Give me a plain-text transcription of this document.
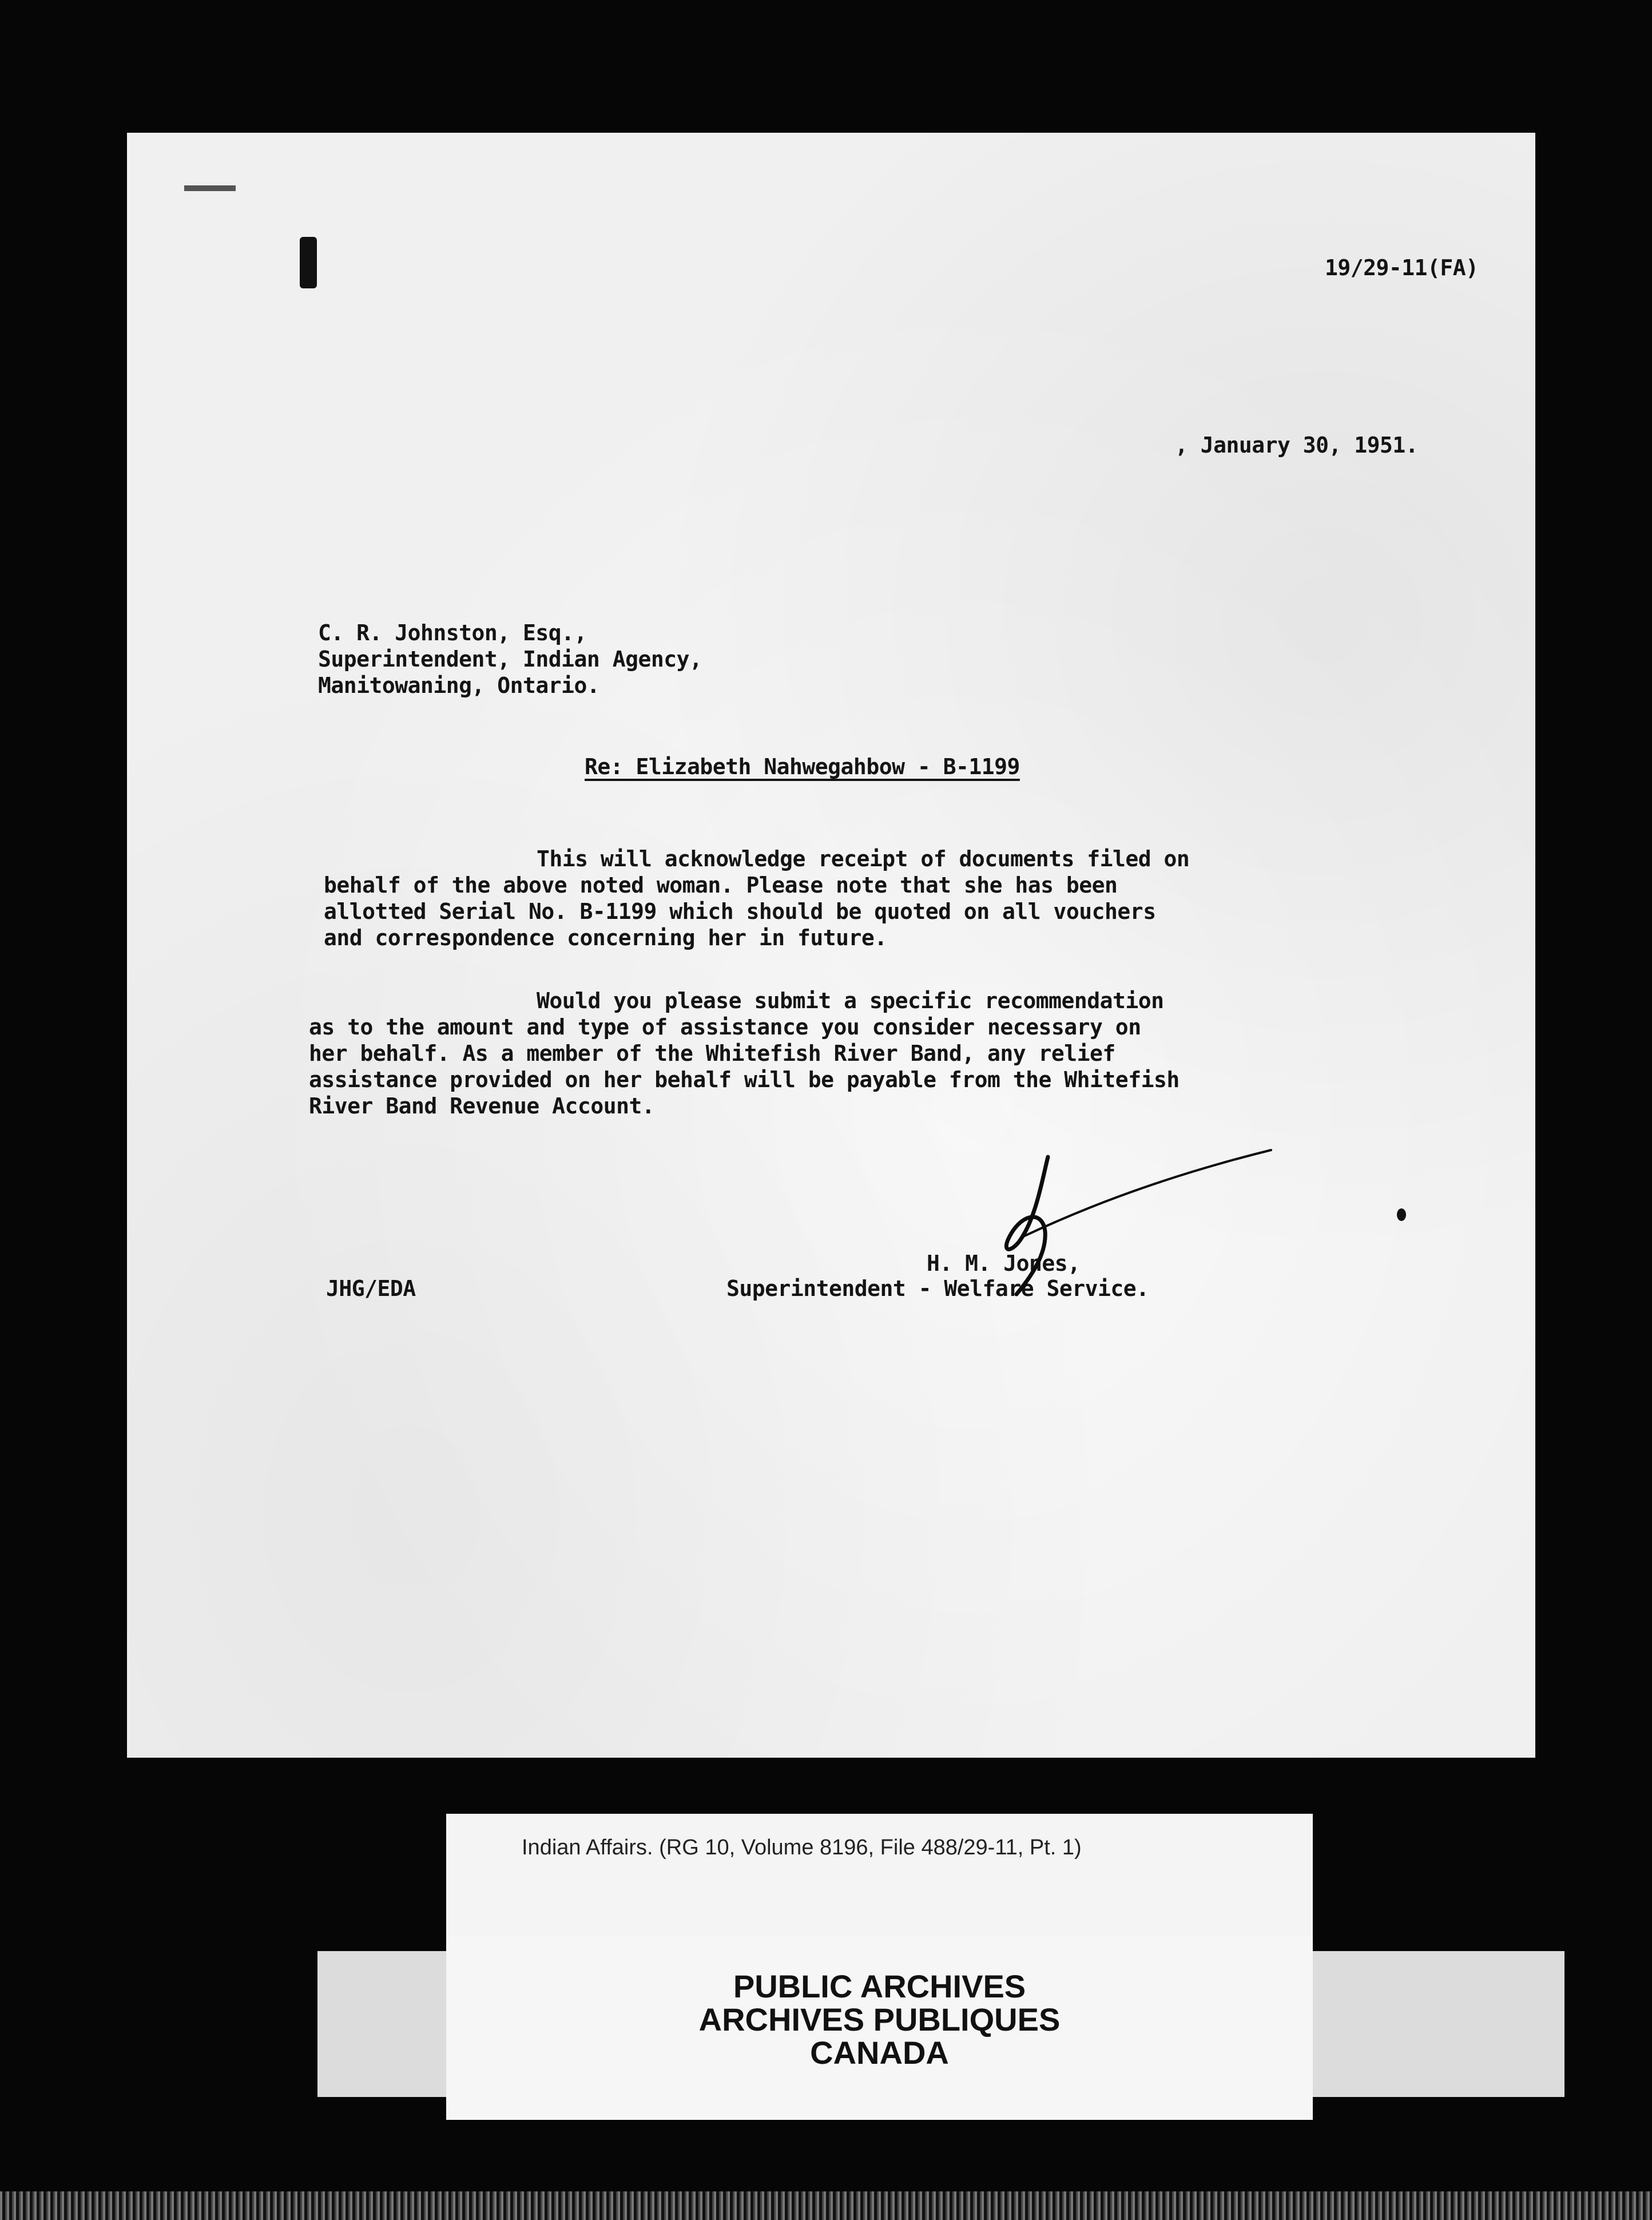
19/29-11(FA)
, January 30, 1951.
C. R. Johnston, Esq.,
Superintendent, Indian Agency,
Manitowaning, Ontario.
Re: Elizabeth Nahwegahbow - B-1199
This will acknowledge receipt of documents filed on
behalf of the above noted woman. Please note that she has been
allotted Serial No. B-1199 which should be quoted on all vouchers
and correspondence concerning her in future.
Would you please submit a specific recommendation
as to the amount and type of assistance you consider necessary on
her behalf. As a member of the Whitefish River Band, any relief
assistance provided on her behalf will be payable from the Whitefish
River Band Revenue Account.
JHG/EDA
H. M. Jones,
Superintendent - Welfare Service.
Indian Affairs. (RG 10, Volume 8196, File 488/29-11, Pt. 1)
PUBLIC ARCHIVES
ARCHIVES PUBLIQUES
CANADA
